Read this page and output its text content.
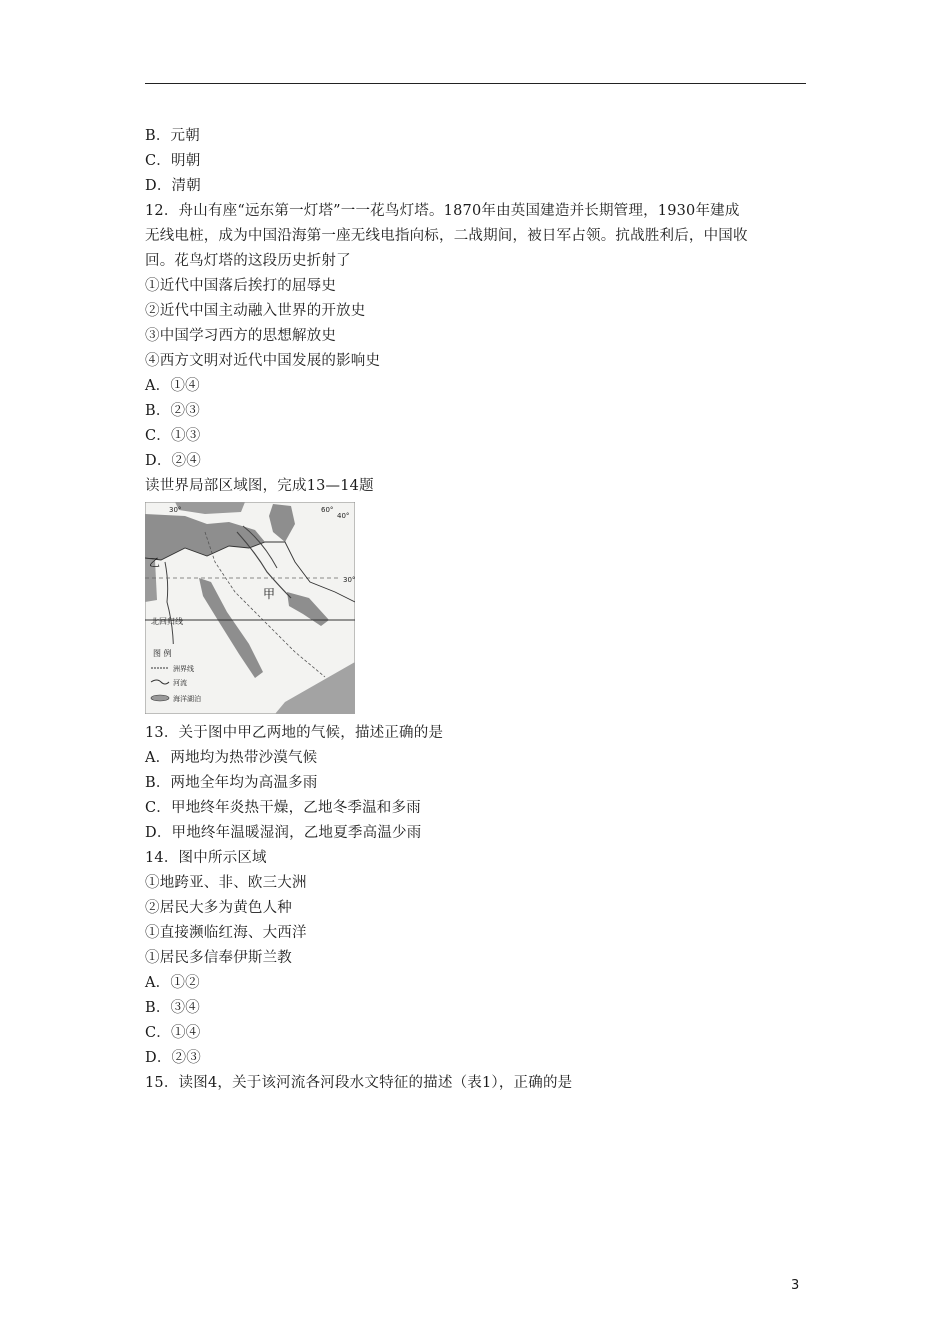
B．元朝
C．明朝
D．清朝
12．舟山有座“远东第一灯塔”一一花鸟灯塔。1870年由英国建造并长期管理，1930年建成
无线电桩，成为中国沿海第一座无线电指向标，二战期间，被日军占领。抗战胜利后，中国收
回。花鸟灯塔的这段历史折射了
①近代中国落后挨打的屈辱史
②近代中国主动融入世界的开放史
③中国学习西方的思想解放史
④西方文明对近代中国发展的影响史
A．①④
B．②③
C．①③
D．②④
读世界局部区域图，完成13—14题
甲
乙
北回归线
30°
30°	60°
40°
图 例
洲界线
河流
海洋湖泊
13．关于图中甲乙两地的气候，描述正确的是
A．两地均为热带沙漠气候
B．两地全年均为高温多雨
C．甲地终年炎热干燥，乙地冬季温和多雨
D．甲地终年温暖湿润，乙地夏季高温少雨
14．图中所示区域
①地跨亚、非、欧三大洲
②居民大多为黄色人种
①直接濒临红海、大西洋
①居民多信奉伊斯兰教
A．①②
B．③④
C．①④
D．②③
15．读图4，关于该河流各河段水文特征的描述（表1），正确的是
3
